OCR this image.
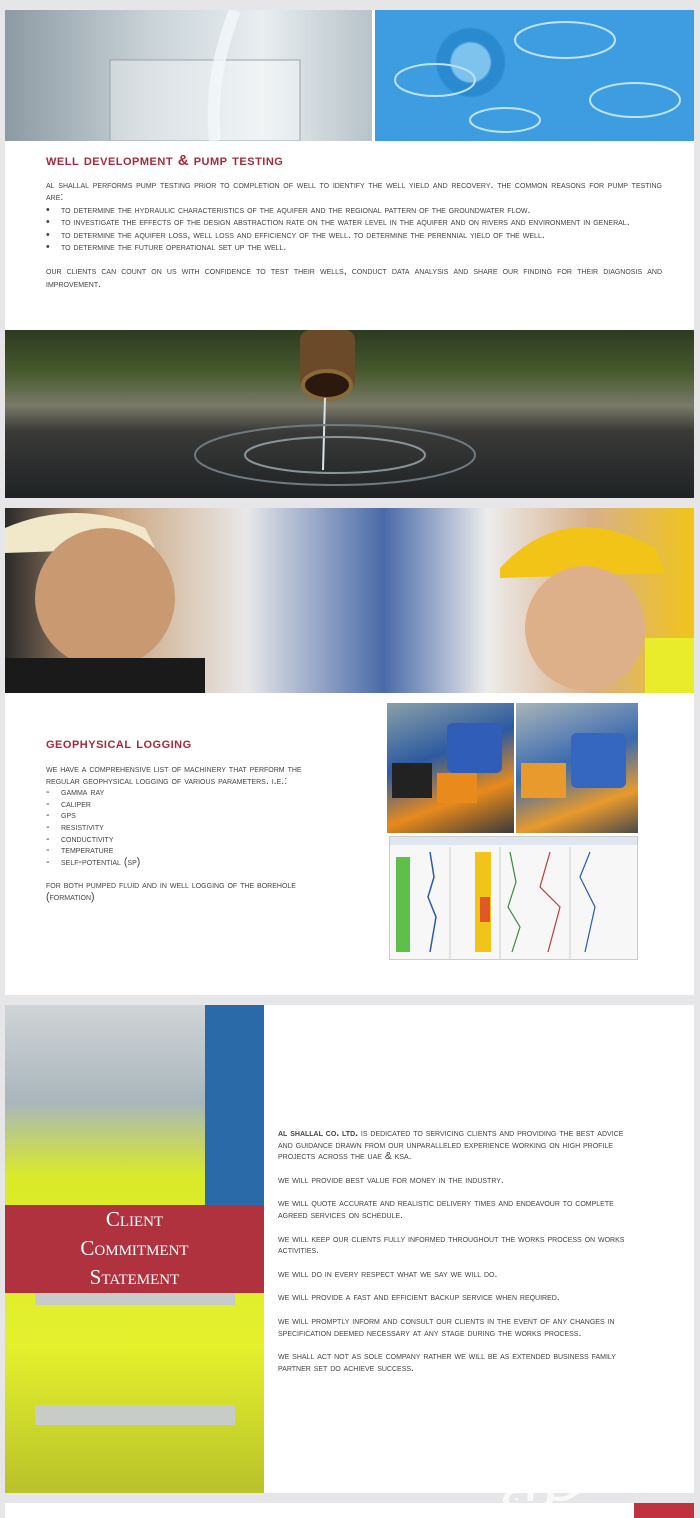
well development & pump testing

al shallal performs pump testing prior to completion of well to identify the well yield and recovery. the common reasons for pump testing are:

• to determine the hydraulic characteristics of the aquifer and the regional pattern of the groundwater flow.
• to investigate the effects of the design abstraction rate on the water level in the aquifer and on rivers and environment in general.
• to determine the aquifer loss, well loss and efficiency of the well. to determine the perennial yield of the well.
• to determine the future operational set up the well.

our clients can count on us with confidence to test their wells, conduct data analysis and share our finding for their diagnosis and improvement.

geophysical logging

we have a comprehensive list of machinery that perform the regular geophysical logging of various parameters. i.e.:

- gamma ray
- caliper
- gps
- resistivity
- conductivity
- temperature
- self-potential (sp)

for both pumped fluid and in well logging of the borehole (formation)

Client
Commitment
Statement

al shallal co. ltd. is dedicated to servicing clients and providing the best advice and guidance drawn from our unparalleled experience working on high profile projects across the uae & ksa.

we will provide best value for money in the industry.

we will quote accurate and realistic delivery times and endeavour to complete agreed services on schedule.

we will keep our clients fully informed throughout the works process on works activities.

we will do in every respect what we say we will do.

we will provide a fast and efficient backup service when required.

we will promptly inform and consult our clients in the event of any changes in specification deemed necessary at any stage during the works process.

we shall act not as sole company rather we will be as extended business family partner set do achieve success.

حراج
